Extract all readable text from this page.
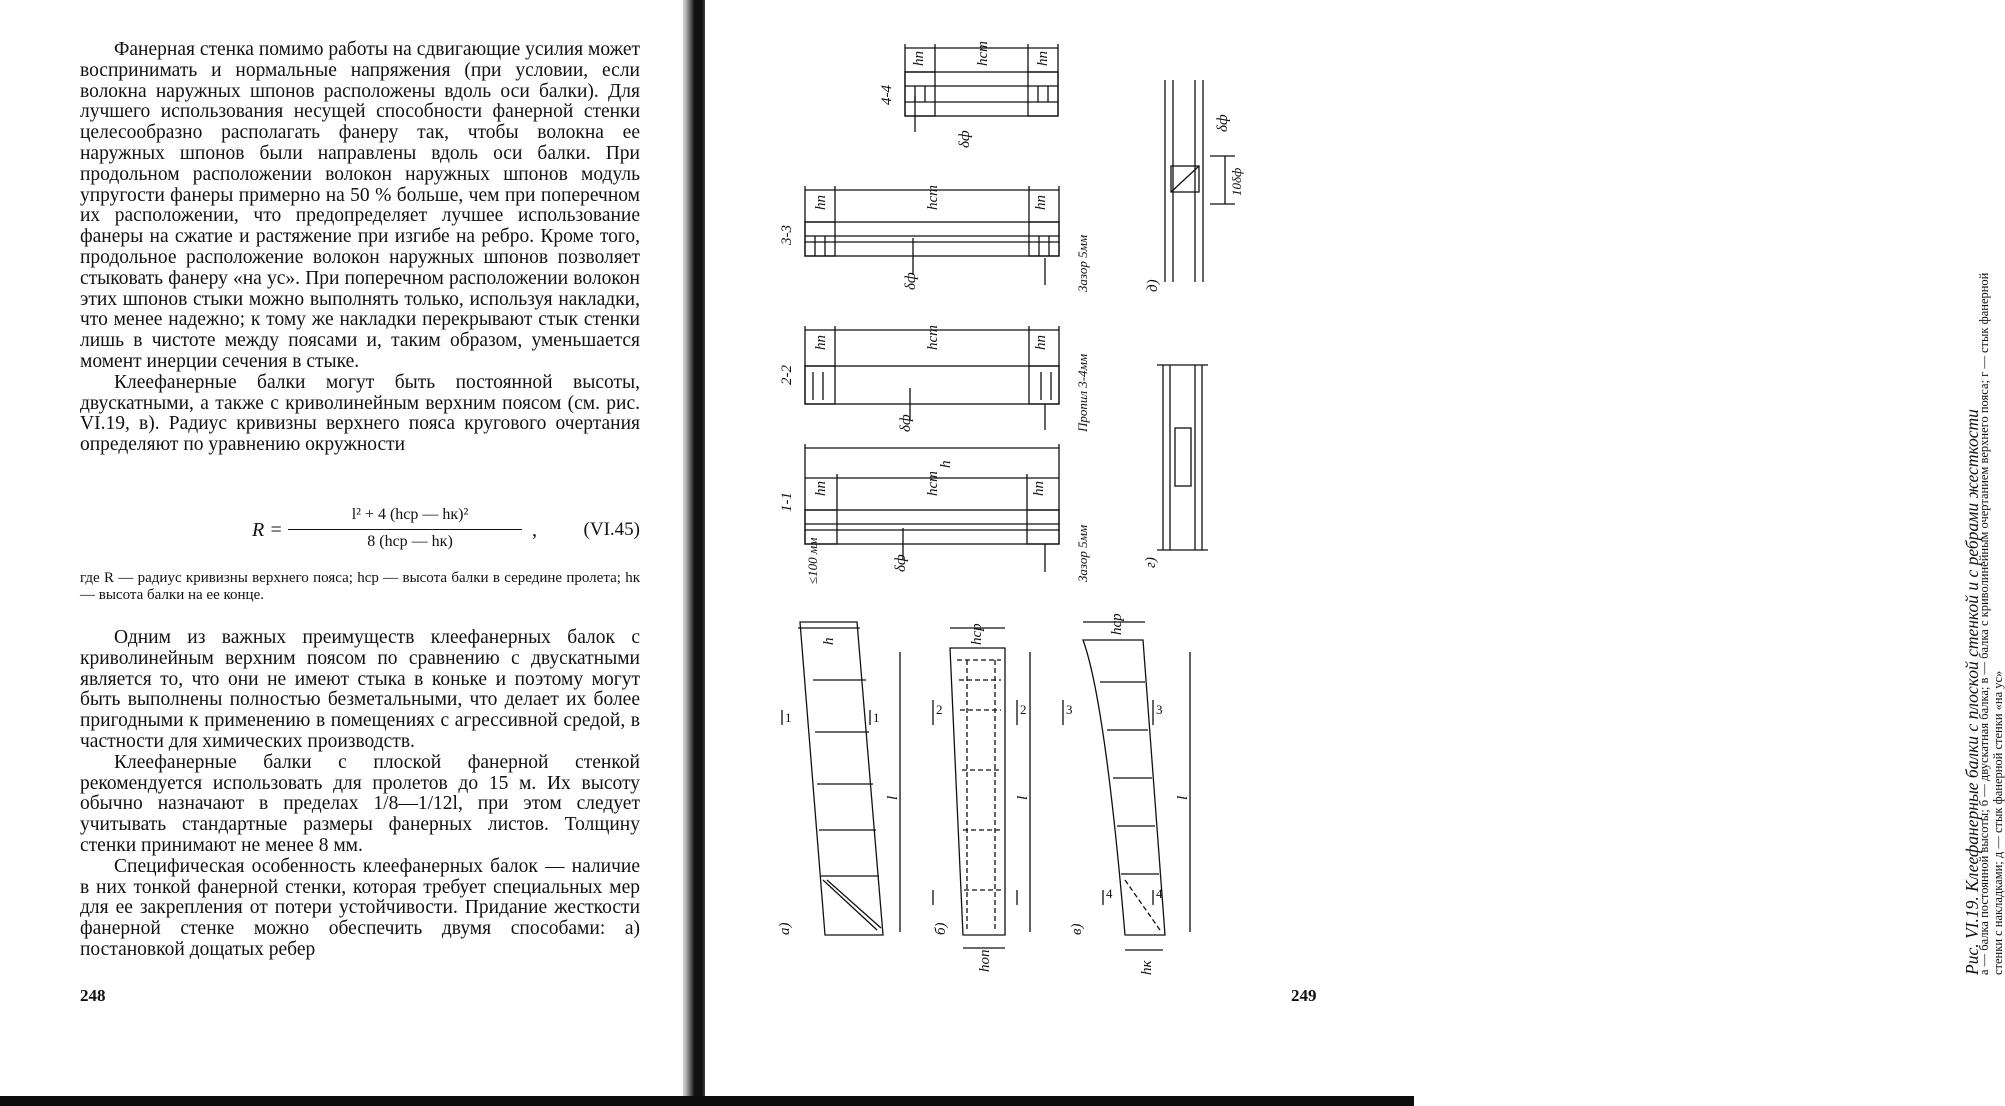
Фанерная стенка помимо работы на сдвигающие усилия может воспринимать и нормальные напряжения (при условии, если волокна наружных шпонов расположены вдоль оси балки). Для лучшего использования несущей способности фанерной стенки целесообразно располагать фанеру так, чтобы волокна ее наружных шпонов были направлены вдоль оси балки. При продольном расположении волокон наружных шпонов модуль упругости фанеры примерно на 50 % больше, чем при поперечном их расположении, что предопределяет лучшее использование фанеры на сжатие и растяжение при изгибе на ребро. Кроме того, продольное расположение волокон наружных шпонов позволяет стыковать фанеру «на ус». При поперечном расположении волокон этих шпонов стыки можно выполнять только, используя накладки, что менее надежно; к тому же накладки перекрывают стык стенки лишь в чистоте между поясами и, таким образом, уменьшается момент инерции сечения в стыке.

Клеефанерные балки могут быть постоянной высоты, двускатными, а также с криволинейным верхним поясом (см. рис. VI.19, в). Радиус кривизны верхнего пояса кругового очертания определяют по уравнению окружности

R =
l² + 4 (hср — hк)²
8 (hср — hк)
, (VI.45)
где R — радиус кривизны верхнего пояса; hср — высота балки в середине пролета; hк — высота балки на ее конце.

Одним из важных преимуществ клеефанерных балок с криволинейным верхним поясом по сравнению с двускатными является то, что они не имеют стыка в коньке и поэтому могут быть выполнены полностью безметальными, что делает их более пригодными к применению в помещениях с агрессивной средой, в частности для химических производств.

Клеефанерные балки с плоской фанерной стенкой рекомендуется использовать для пролетов до 15 м. Их высоту обычно назначают в пределах 1/8—1/12l, при этом следует учитывать стандартные размеры фанерных листов. Толщину стенки принимают не менее 8 мм.

Специфическая особенность клеефанерных балок — наличие в них тонкой фанерной стенки, которая требует специальных мер для ее закрепления от потери устойчивости. Придание жесткости фанерной стенке можно обеспечить двумя способами: а) постановкой дощатых ребер

248
а)	б)	в)
г)
д)
1-1
2-2
3-3
4-4
h
hп	hп
hст
hп	hп
hст
hп	hп
hст
hп	hп
hст
h	hср	hср
hоп	hк
l	l	l
δф
δф
δф
δф
δф
Зазор 5мм
Зазор 5мм
≤100 мм
Пропил 3-4мм
10δф
1	1
2	2	3	3
4	4	Рис. VI.19. Клеефанерные балки с плоской стенкой и с ребрами жесткости
а — балка постоянной высоты; б — двускатная балка; в — балка с криволинейным очертанием верхнего пояса; г — стык фанерной стенки с накладками; д — стык фанерной стенки «на ус»
249
